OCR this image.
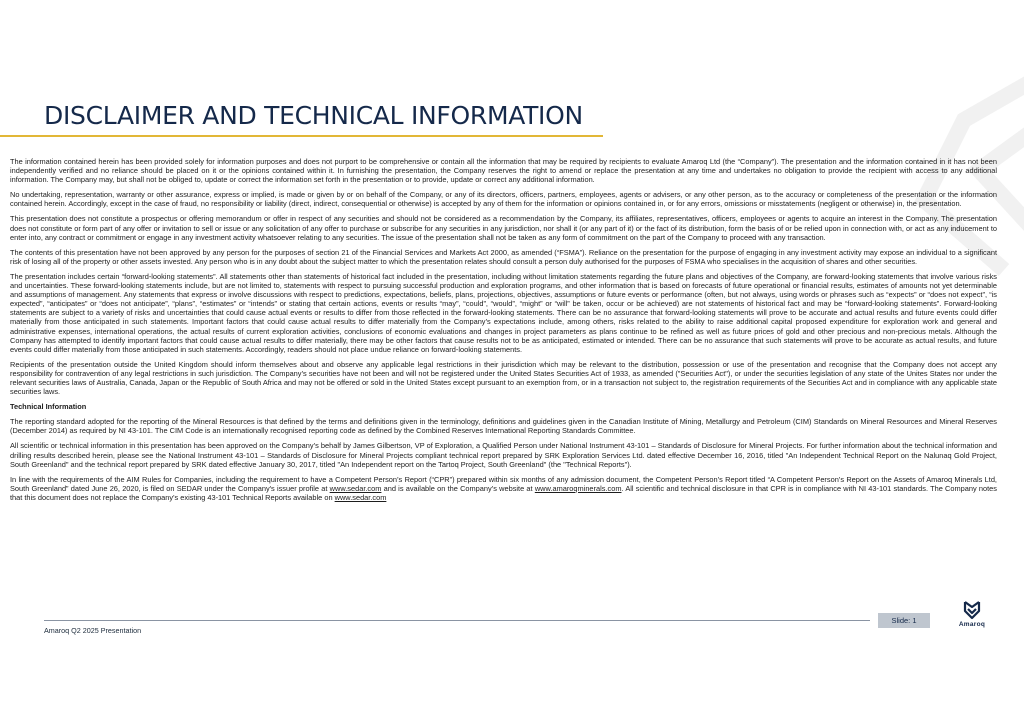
DISCLAIMER AND TECHNICAL INFORMATION

The information contained herein has been provided solely for information purposes and does not purport to be comprehensive or contain all the information that may be required by recipients to evaluate Amaroq Ltd (the “Company”). The presentation and the information contained in it has not been independently verified and no reliance should be placed on it or the opinions contained within it. In furnishing the presentation, the Company reserves the right to amend or replace the presentation at any time and undertakes no obligation to provide the recipient with access to any additional information. The Company may, but shall not be obliged to, update or correct the information set forth in the presentation or to provide, update or correct any additional information.

No undertaking, representation, warranty or other assurance, express or implied, is made or given by or on behalf of the Company, or any of its directors, officers, partners, employees, agents or advisers, or any other person, as to the accuracy or completeness of the presentation or the information contained herein. Accordingly, except in the case of fraud, no responsibility or liability (direct, indirect, consequential or otherwise) is accepted by any of them for the information or opinions contained in, or for any errors, omissions or misstatements (negligent or otherwise) in, the presentation.

This presentation does not constitute a prospectus or offering memorandum or offer in respect of any securities and should not be considered as a recommendation by the Company, its affiliates, representatives, officers, employees or agents to acquire an interest in the Company. The presentation does not constitute or form part of any offer or invitation to sell or issue or any solicitation of any offer to purchase or subscribe for any securities in any jurisdiction, nor shall it (or any part of it) or the fact of its distribution, form the basis of or be relied upon in connection with, or act as any inducement to enter into, any contract or commitment or engage in any investment activity whatsoever relating to any securities. The issue of the presentation shall not be taken as any form of commitment on the part of the Company to proceed with any transaction.

The contents of this presentation have not been approved by any person for the purposes of section 21 of the Financial Services and Markets Act 2000, as amended (“FSMA”). Reliance on the presentation for the purpose of engaging in any investment activity may expose an individual to a significant risk of losing all of the property or other assets invested. Any person who is in any doubt about the subject matter to which the presentation relates should consult a person duly authorised for the purposes of FSMA who specialises in the acquisition of shares and other securities.

The presentation includes certain “forward-looking statements”. All statements other than statements of historical fact included in the presentation, including without limitation statements regarding the future plans and objectives of the Company, are forward-looking statements that involve various risks and uncertainties. These forward-looking statements include, but are not limited to, statements with respect to pursuing successful production and exploration programs, and other information that is based on forecasts of future operational or financial results, estimates of amounts not yet determinable and assumptions of management. Any statements that express or involve discussions with respect to predictions, expectations, beliefs, plans, projections, objectives, assumptions or future events or performance (often, but not always, using words or phrases such as “expects” or “does not expect”, “is expected”, “anticipates” or “does not anticipate”, “plans”, “estimates” or “intends” or stating that certain actions, events or results “may”, “could”, “would”, “might” or “will” be taken, occur or be achieved) are not statements of historical fact and may be “forward-looking statements”. Forward-looking statements are subject to a variety of risks and uncertainties that could cause actual events or results to differ from those reflected in the forward-looking statements. There can be no assurance that forward-looking statements will prove to be accurate and actual results and future events could differ materially from those anticipated in such statements. Important factors that could cause actual results to differ materially from the Company’s expectations include, among others, risks related to the ability to raise additional capital proposed expenditure for exploration work and general and administrative expenses, international operations, the actual results of current exploration activities, conclusions of economic evaluations and changes in project parameters as plans continue to be refined as well as future prices of gold and other precious and non-precious metals. Although the Company has attempted to identify important factors that could cause actual results to differ materially, there may be other factors that cause results not to be as anticipated, estimated or intended. There can be no assurance that such statements will prove to be accurate as actual results, and future events could differ materially from those anticipated in such statements. Accordingly, readers should not place undue reliance on forward-looking statements.

Recipients of the presentation outside the United Kingdom should inform themselves about and observe any applicable legal restrictions in their jurisdiction which may be relevant to the distribution, possession or use of the presentation and recognise that the Company does not accept any responsibility for contravention of any legal restrictions in such jurisdiction. The Company’s securities have not been and will not be registered under the United States Securities Act of 1933, as amended ("Securities Act"), or under the securities legislation of any state of the Unites States nor under the relevant securities laws of Australia, Canada, Japan or the Republic of South Africa and may not be offered or sold in the United States except pursuant to an exemption from, or in a transaction not subject to, the registration requirements of the Securities Act and in compliance with any applicable state securities laws.

Technical Information

The reporting standard adopted for the reporting of the Mineral Resources is that defined by the terms and definitions given in the terminology, definitions and guidelines given in the Canadian Institute of Mining, Metallurgy and Petroleum (CIM) Standards on Mineral Resources and Mineral Reserves (December 2014) as required by NI 43-101. The CIM Code is an internationally recognised reporting code as defined by the Combined Reserves International Reporting Standards Committee.

All scientific or technical information in this presentation has been approved on the Company’s behalf by James Gilbertson, VP of Exploration, a Qualified Person under National Instrument 43-101 – Standards of Disclosure for Mineral Projects. For further information about the technical information and drilling results described herein, please see the National Instrument 43-101 – Standards of Disclosure for Mineral Projects compliant technical report prepared by SRK Exploration Services Ltd. dated effective December 16, 2016, titled "An Independent Technical Report on the Nalunaq Gold Project, South Greenland" and the technical report prepared by SRK dated effective January 30, 2017, titled "An Independent report on the Tartoq Project, South Greenland" (the "Technical Reports").

In line with the requirements of the AIM Rules for Companies, including the requirement to have a Competent Person’s Report (“CPR”) prepared within six months of any admission document, the Competent Person’s Report titled “A Competent Person’s Report on the Assets of Amaroq Minerals Ltd, South Greenland” dated June 26, 2020, is filed on SEDAR under the Company's issuer profile at www.sedar.com and is available on the Company’s website at www.amaroqminerals.com. All scientific and technical disclosure in that CPR is in compliance with NI 43-101 standards. The Company notes that this document does not replace the Company's existing 43-101 Technical Reports available on www.sedar.com

Amaroq Q2 2025 Presentation
Slide: 1	Amaroq
